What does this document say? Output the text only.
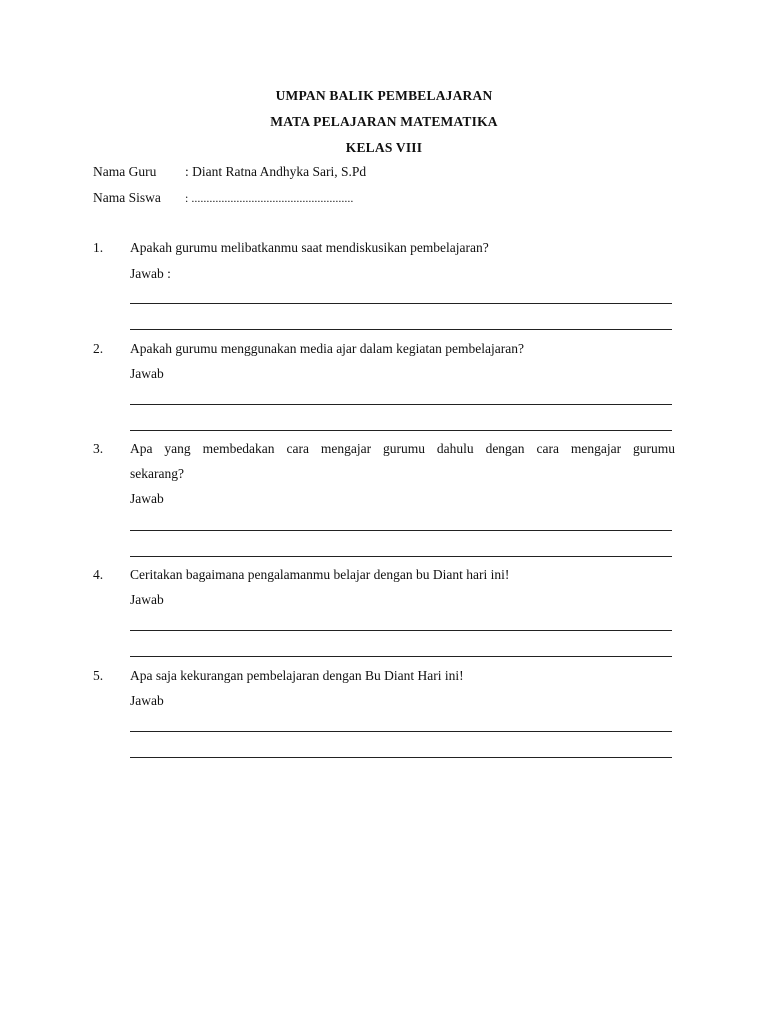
UMPAN BALIK PEMBELAJARAN
MATA PELAJARAN MATEMATIKA
KELAS VIII
Nama Guru : Diant Ratna Andhyka Sari, S.Pd
Nama Siswa : ......................................................
1. Apakah gurumu melibatkanmu saat mendiskusikan pembelajaran?
Jawab :
2. Apakah gurumu menggunakan media ajar dalam kegiatan pembelajaran?
Jawab
3. Apa yang membedakan cara mengajar gurumu dahulu dengan cara mengajar gurumu
sekarang?
Jawab
4. Ceritakan bagaimana pengalamanmu belajar dengan bu Diant hari ini!
Jawab
5. Apa saja kekurangan pembelajaran dengan Bu Diant Hari ini!
Jawab
